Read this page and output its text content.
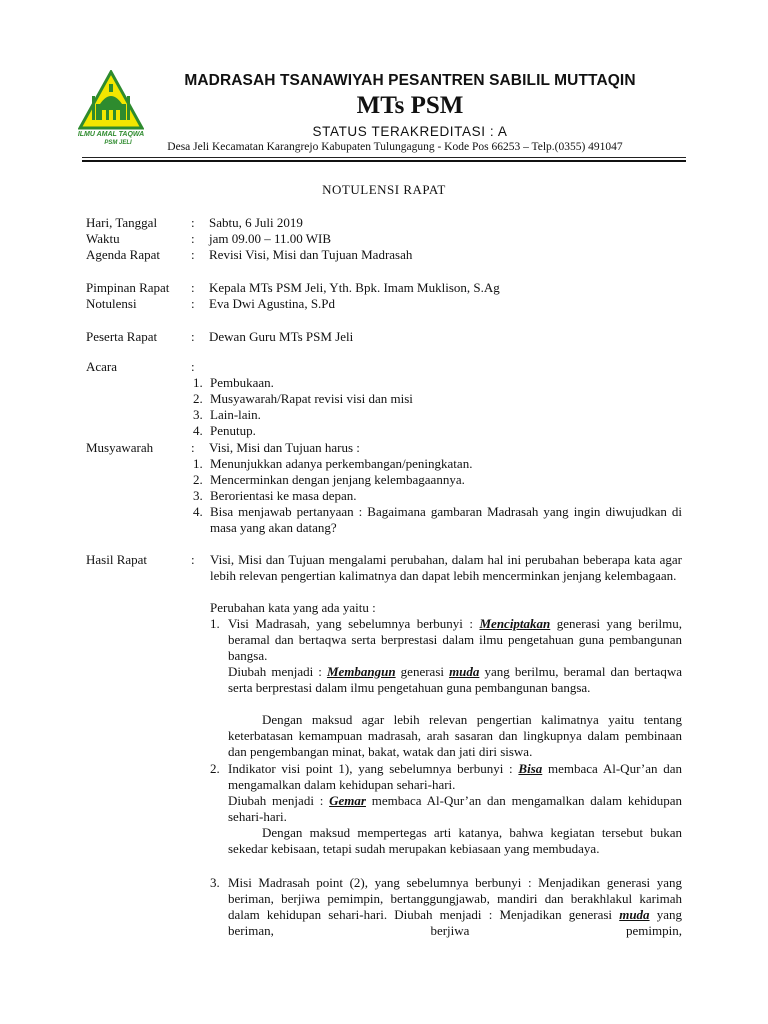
ILMU AMAL TAQWA
PSM JELI
MADRASAH TSANAWIYAH PESANTREN SABILIL MUTTAQIN
MTs PSM
STATUS TERAKREDITASI : A
Desa Jeli Kecamatan Karangrejo Kabupaten Tulungagung - Kode Pos 66253 – Telp.(0355) 491047
NOTULENSI RAPAT
Hari, Tanggal	: Sabtu, 6 Juli 2019
Waktu	: jam 09.00 – 11.00 WIB
Agenda Rapat : Revisi Visi, Misi dan Tujuan Madrasah
Pimpinan Rapat : Kepala MTs PSM Jeli, Yth. Bpk. Imam Muklison, S.Ag
Notulensi	: Eva Dwi Agustina, S.Pd
Peserta Rapat	: Dewan Guru MTs PSM Jeli
Acara	:
1. Pembukaan.
2. Musyawarah/Rapat revisi visi dan misi
3. Lain-lain.
4. Penutup.
Musyawarah	: Visi, Misi dan Tujuan harus :
1. Menunjukkan adanya perkembangan/peningkatan.
2. Mencerminkan dengan jenjang kelembagaannya.
3. Berorientasi ke masa depan.
4. Bisa menjawab pertanyaan : Bagaimana gambaran Madrasah yang ingin diwujudkan di masa yang akan datang?
Hasil Rapat	: Visi, Misi dan Tujuan mengalami perubahan, dalam hal ini perubahan beberapa kata agar lebih relevan pengertian kalimatnya dan dapat lebih mencerminkan jenjang kelembagaan.
Perubahan kata yang ada yaitu :
1. Visi Madrasah, yang sebelumnya berbunyi : Menciptakan generasi yang berilmu, beramal dan bertaqwa serta berprestasi dalam ilmu pengetahuan guna pembangunan bangsa.
Diubah menjadi : Membangun generasi muda yang berilmu, beramal dan bertaqwa serta berprestasi dalam ilmu pengetahuan guna pembangunan bangsa.
Dengan maksud agar lebih relevan pengertian kalimatnya yaitu tentang keterbatasan kemampuan madrasah, arah sasaran dan lingkupnya dalam pembinaan dan pengembangan minat, bakat, watak dan jati diri siswa.
2. Indikator visi point 1), yang sebelumnya berbunyi : Bisa membaca Al-Qur’an dan mengamalkan dalam kehidupan sehari-hari.
Diubah menjadi : Gemar membaca Al-Qur’an dan mengamalkan dalam kehidupan sehari-hari.
Dengan maksud mempertegas arti katanya, bahwa kegiatan tersebut bukan sekedar kebisaan, tetapi sudah merupakan kebiasaan yang membudaya.
3. Misi Madrasah point (2), yang sebelumnya berbunyi : Menjadikan generasi yang beriman, berjiwa pemimpin, bertanggungjawab, mandiri dan berakhlakul karimah dalam kehidupan sehari-hari. Diubah menjadi : Menjadikan generasi muda yang beriman, berjiwa pemimpin,
